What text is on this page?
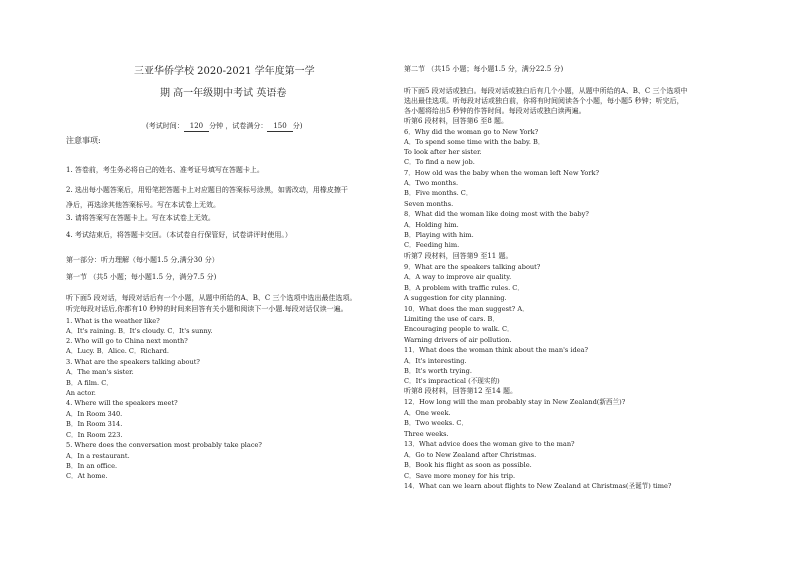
三亚华侨学校 2020-2021 学年度第一学
期 高一年级期中考试 英语卷
(考试时间： 120 分钟 ，试卷满分： 150 分)
注意事项:
1. 答卷前，考生务必将自己的姓名、准考证号填写在答题卡上。
2. 选出每小题答案后，用铅笔把答题卡上对应题目的答案标号涂黑，如需改动，用橡皮擦干
净后，再选涂其他答案标号。写在本试卷上无效。
3. 请将答案写在答题卡上。写在本试卷上无效。
4. 考试结束后，将答题卡交回。（本试卷自行保管好，试卷讲评时使用。）
第一部分：听力理解（每小题1.5 分,满分30 分）
第一节 （共5 小题；每小题1.5 分，满分7.5 分)
听下面5 段对话，每段对话后有一个小题，从题中所给的A、B、C 三个选项中选出最佳选项。
听完每段对话后,你都有10 秒钟的时间来回答有关小题和阅读下一小题.每段对话仅读一遍。
1. What is the weather like?
A．It's raining. B．It's cloudy. C．It's sunny.
2. Who will go to China next month?
A．Lucy. B．Alice. C．Richard.
3. What are the speakers talking about?
A．The man's sister.
B．A film. C．
An actor.
4. Where will the speakers meet?
A．In Room 340.
B．In Room 314.
C．In Room 223.
5. Where does the conversation most probably take place?
A．In a restaurant.
B．In an office.
C．At home.
第二节 （共15 小题；每小题1.5 分，满分22.5 分)
听下面5 段对话或独白。每段对话或独白后有几个小题，从题中所给的A、B、C 三个选项中
选出最佳选项。听每段对话或独白前，你将有时间阅读各个小题，每小题5 秒钟；听完后，
各小题将给出5 秒钟的作答时间。每段对话或独白读两遍。
听第6 段材料，回答第6 至8 题。
6．Why did the woman go to New York?
A．To spend some time with the baby. B．
To look after her sister.
C．To find a new job.
7．How old was the baby when the woman left New York?
A．Two months.
B．Five months. C．
Seven months.
8．What did the woman like doing most with the baby?
A．Holding him.
B．Playing with him.
C．Feeding him.
听第7 段材料，回答第9 至11 题。
9．What are the speakers talking about?
A．A way to improve air quality.
B．A problem with traffic rules. C．
A suggestion for city planning.
10．What does the man suggest? A．
Limiting the use of cars. B．
Encouraging people to walk. C．
Warning drivers of air pollution.
11．What does the woman think about the man's idea?
A．It's interesting.
B．It's worth trying.
C．It's impractical (不现实的)
听第8 段材料，回答第12 至14 题。
12．How long will the man probably stay in New Zealand(新西兰)?
A．One week.
B．Two weeks. C．
Three weeks.
13．What advice does the woman give to the man?
A．Go to New Zealand after Christmas.
B．Book his flight as soon as possible.
C．Save more money for his trip.
14．What can we learn about flights to New Zealand at Christmas(圣诞节) time?
